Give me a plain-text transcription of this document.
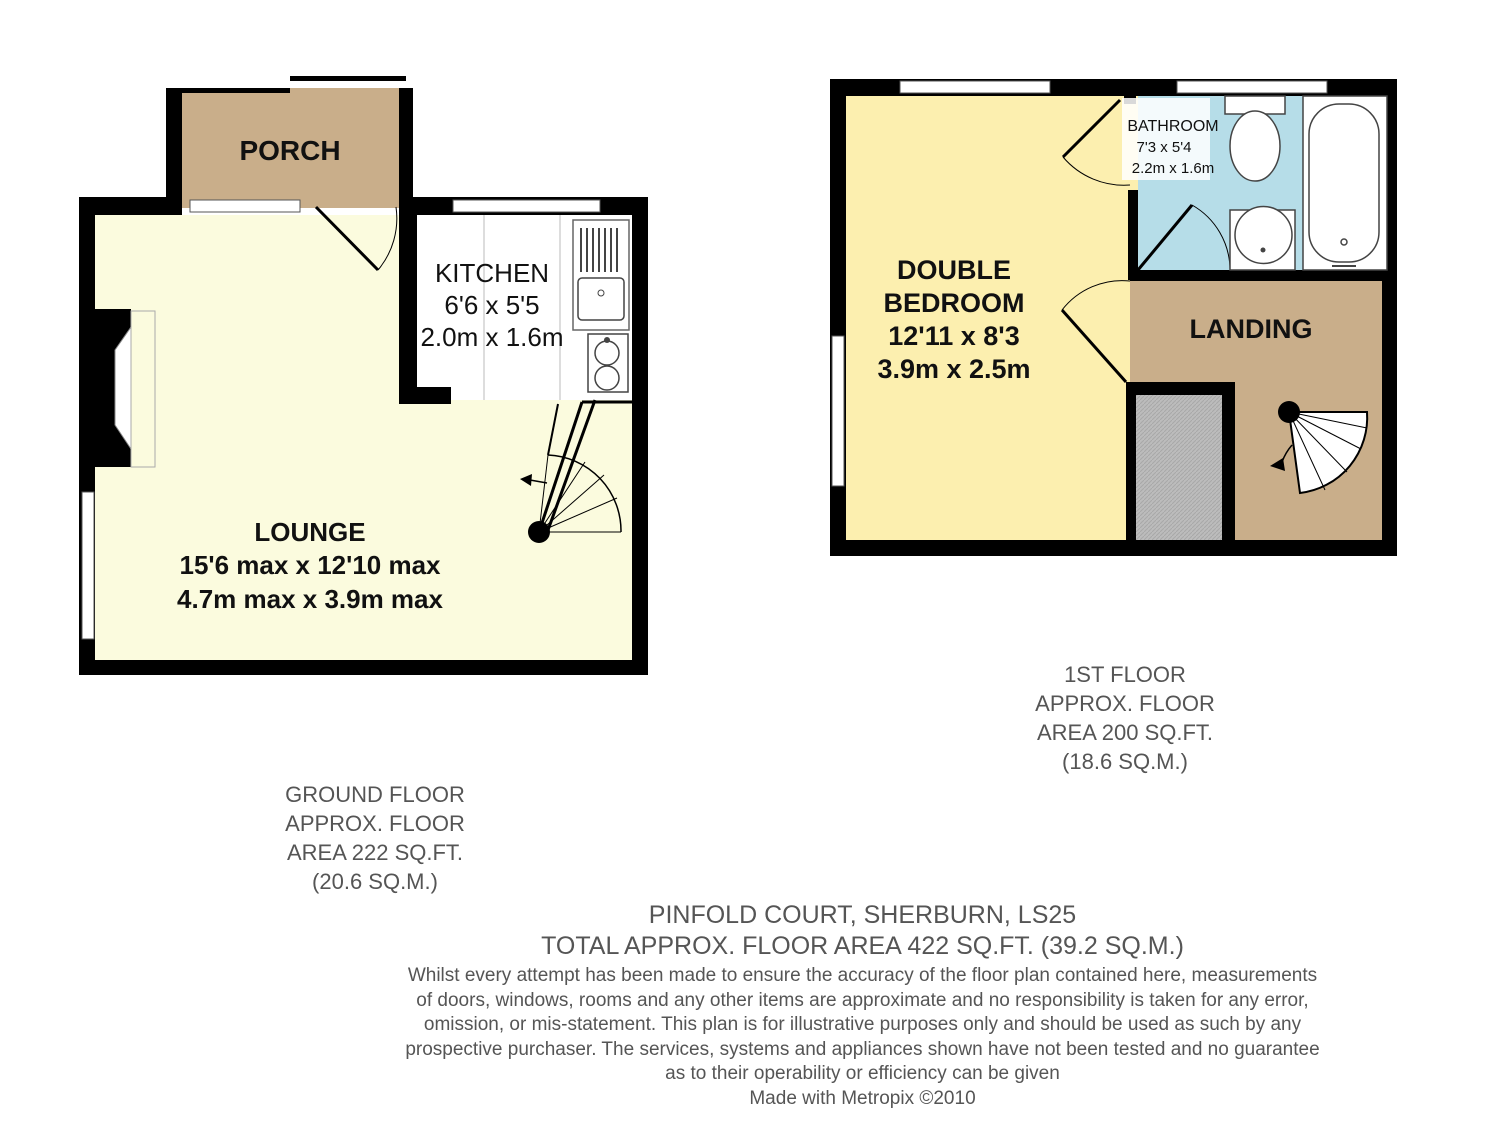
PORCH
KITCHEN
6'6 x 5'5
2.0m x 1.6m
LOUNGE
15'6 max x 12'10 max
4.7m max x 3.9m max
DOUBLE
BEDROOM
12'11 x 8'3
3.9m x 2.5m
BATHROOM
7'3 x 5'4
2.2m x 1.6m
LANDING
GROUND FLOOR
APPROX. FLOOR
AREA 222 SQ.FT.
(20.6 SQ.M.)
1ST FLOOR
APPROX. FLOOR
AREA 200 SQ.FT.
(18.6 SQ.M.)
PINFOLD COURT, SHERBURN, LS25
TOTAL APPROX. FLOOR AREA 422 SQ.FT. (39.2 SQ.M.)
Whilst every attempt has been made to ensure the accuracy of the floor plan contained here, measurements
of doors, windows, rooms and any other items are approximate and no responsibility is taken for any error,
omission, or mis-statement. This plan is for illustrative purposes only and should be used as such by any
prospective purchaser. The services, systems and appliances shown have not been tested and no guarantee
as to their operability or efficiency can be given
Made with Metropix ©2010
